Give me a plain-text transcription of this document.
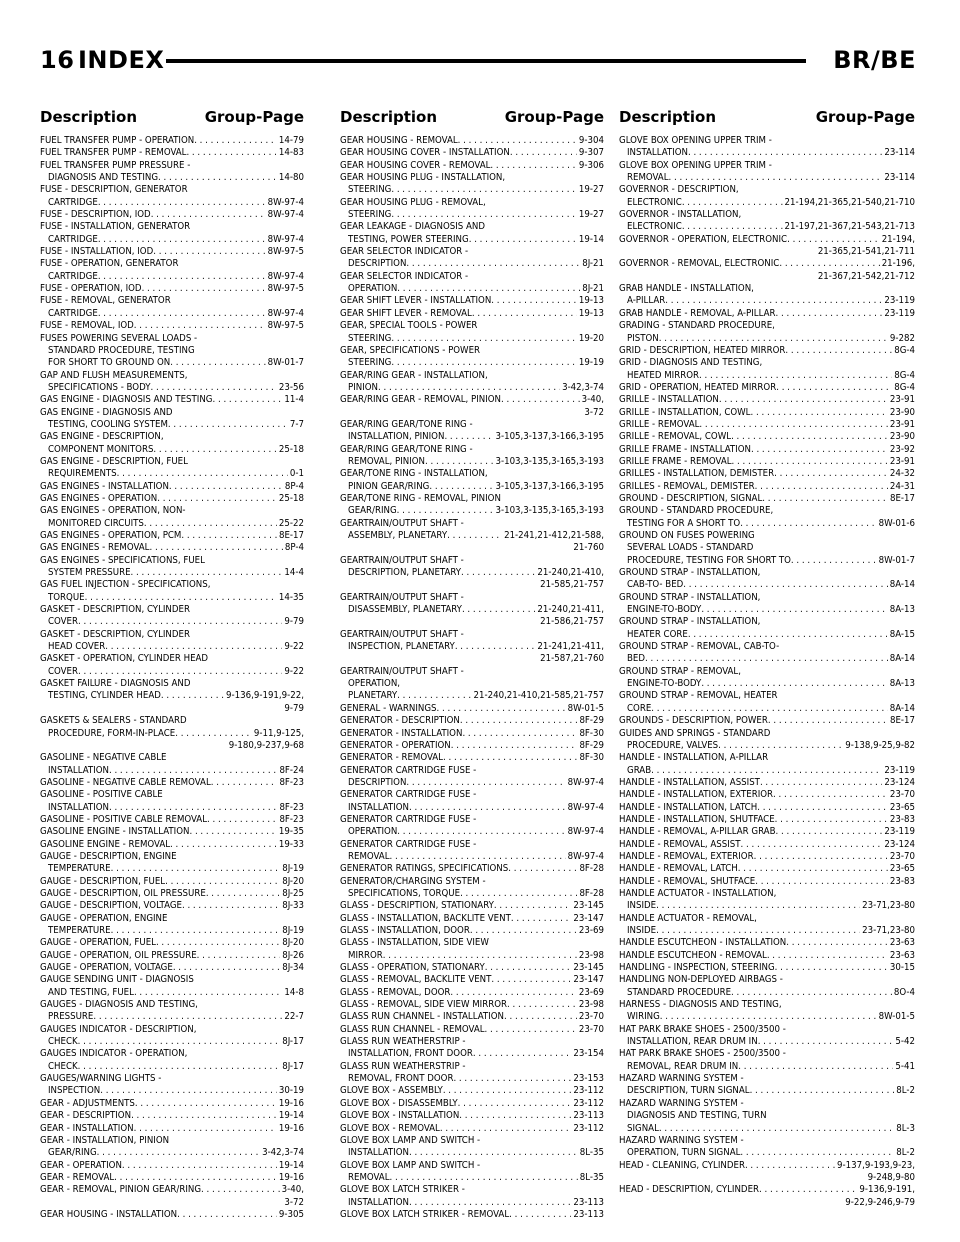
16 INDEX	BR/BE
Description	Group-Page
FUEL TRANSFER PUMP - OPERATION . . .	14-79
FUEL TRANSFER PUMP - REMOVAL . . .	14-83
FUEL TRANSFER PUMP PRESSURE -
DIAGNOSIS AND TESTING . . .	14-80
FUSE - DESCRIPTION, GENERATOR
CARTRIDGE . . .	8W-97-4
FUSE - DESCRIPTION, IOD . . .	8W-97-4
FUSE - INSTALLATION, GENERATOR
CARTRIDGE . . .	8W-97-4
FUSE - INSTALLATION, IOD . . .	8W-97-5
FUSE - OPERATION, GENERATOR
CARTRIDGE . . .	8W-97-4
FUSE - OPERATION, IOD . . .	8W-97-5
FUSE - REMOVAL, GENERATOR
CARTRIDGE . . .	8W-97-4
FUSE - REMOVAL, IOD . . .	8W-97-5
FUSES POWERING SEVERAL LOADS -
STANDARD PROCEDURE, TESTING
FOR SHORT TO GROUND ON . . .	8W-01-7
GAP AND FLUSH MEASUREMENTS,
SPECIFICATIONS - BODY . . .	23-56
GAS ENGINE - DIAGNOSIS AND TESTING . . .	11-4
GAS ENGINE - DIAGNOSIS AND
TESTING, COOLING SYSTEM . . .	7-7
GAS ENGINE - DESCRIPTION,
COMPONENT MONITORS . . .	25-18
GAS ENGINE - DESCRIPTION, FUEL
REQUIREMENTS . . .	0-1
GAS ENGINES - INSTALLATION . . .	8P-4
GAS ENGINES - OPERATION . . .	25-18
GAS ENGINES - OPERATION, NON-
MONITORED CIRCUITS . . .	25-22
GAS ENGINES - OPERATION, PCM . . .	8E-17
GAS ENGINES - REMOVAL . . .	8P-4
GAS ENGINES - SPECIFICATIONS, FUEL
SYSTEM PRESSURE . . .	14-4
GAS FUEL INJECTION - SPECIFICATIONS,
TORQUE . . .	14-35
GASKET - DESCRIPTION, CYLINDER
COVER . . .	9-79
GASKET - DESCRIPTION, CYLINDER
HEAD COVER . . .	9-22
GASKET - OPERATION, CYLINDER HEAD
COVER . . .	9-22
GASKET FAILURE - DIAGNOSIS AND
TESTING, CYLINDER HEAD . . .	9-136,9-191,9-22,
9-79
GASKETS & SEALERS - STANDARD
PROCEDURE, FORM-IN-PLACE . . .	9-11,9-125,
9-180,9-237,9-68
GASOLINE - NEGATIVE CABLE
INSTALLATION . . .	8F-24
GASOLINE - NEGATIVE CABLE REMOVAL . . .	8F-23
GASOLINE - POSITIVE CABLE
INSTALLATION . . .	8F-23
GASOLINE - POSITIVE CABLE REMOVAL . . .	8F-23
GASOLINE ENGINE - INSTALLATION . . .	19-35
GASOLINE ENGINE - REMOVAL . . .	19-33
GAUGE - DESCRIPTION, ENGINE
TEMPERATURE . . .	8J-19
GAUGE - DESCRIPTION, FUEL . . .	8J-20
GAUGE - DESCRIPTION, OIL PRESSURE . . .	8J-25
GAUGE - DESCRIPTION, VOLTAGE . . .	8J-33
GAUGE - OPERATION, ENGINE
TEMPERATURE . . .	8J-19
GAUGE - OPERATION, FUEL . . .	8J-20
GAUGE - OPERATION, OIL PRESSURE . . .	8J-26
GAUGE - OPERATION, VOLTAGE . . .	8J-34
GAUGE SENDING UNIT - DIAGNOSIS
AND TESTING, FUEL . . .	14-8
GAUGES - DIAGNOSIS AND TESTING,
PRESSURE . . .	22-7
GAUGES INDICATOR - DESCRIPTION,
CHECK . . .	8J-17
GAUGES INDICATOR - OPERATION,
CHECK . . .	8J-17
GAUGES/WARNING LIGHTS -
INSPECTION . . .	30-19
GEAR - ADJUSTMENTS . . .	19-16
GEAR - DESCRIPTION . . .	19-14
GEAR - INSTALLATION . . .	19-16
GEAR - INSTALLATION, PINION
GEAR/RING . . .	3-42,3-74
GEAR - OPERATION . . .	19-14
GEAR - REMOVAL . . .	19-16
GEAR - REMOVAL, PINION GEAR/RING . . .	3-40,
3-72
GEAR HOUSING - INSTALLATION . . .	9-305
Description	Group-Page
GEAR HOUSING - REMOVAL . . .	9-304
GEAR HOUSING COVER - INSTALLATION . . .	9-307
GEAR HOUSING COVER - REMOVAL . . .	9-306
GEAR HOUSING PLUG - INSTALLATION,
STEERING . . .	19-27
GEAR HOUSING PLUG - REMOVAL,
STEERING . . .	19-27
GEAR LEAKAGE - DIAGNOSIS AND
TESTING, POWER STEERING . . .	19-14
GEAR SELECTOR INDICATOR -
DESCRIPTION . . .	8J-21
GEAR SELECTOR INDICATOR -
OPERATION . . .	8J-21
GEAR SHIFT LEVER - INSTALLATION . . .	19-13
GEAR SHIFT LEVER - REMOVAL . . .	19-13
GEAR, SPECIAL TOOLS - POWER
STEERING . . .	19-20
GEAR, SPECIFICATIONS - POWER
STEERING . . .	19-19
GEAR/RING GEAR - INSTALLATION,
PINION . . .	3-42,3-74
GEAR/RING GEAR - REMOVAL, PINION . . .	3-40,
3-72
GEAR/RING GEAR/TONE RING -
INSTALLATION, PINION . . .	3-105,3-137,3-166,3-195
GEAR/RING GEAR/TONE RING -
REMOVAL, PINION . . .	3-103,3-135,3-165,3-193
GEAR/TONE RING - INSTALLATION,
PINION GEAR/RING . . .	3-105,3-137,3-166,3-195
GEAR/TONE RING - REMOVAL, PINION
GEAR/RING . . .	3-103,3-135,3-165,3-193
GEARTRAIN/OUTPUT SHAFT -
ASSEMBLY, PLANETARY . . .	21-241,21-412,21-588,
21-760
GEARTRAIN/OUTPUT SHAFT -
DESCRIPTION, PLANETARY . . .	21-240,21-410,
21-585,21-757
GEARTRAIN/OUTPUT SHAFT -
DISASSEMBLY, PLANETARY . . .	21-240,21-411,
21-586,21-757
GEARTRAIN/OUTPUT SHAFT -
INSPECTION, PLANETARY . . .	21-241,21-411,
21-587,21-760
GEARTRAIN/OUTPUT SHAFT -
OPERATION,
PLANETARY . . .	21-240,21-410,21-585,21-757
GENERAL - WARNINGS . . .	8W-01-5
GENERATOR - DESCRIPTION . . .	8F-29
GENERATOR - INSTALLATION . . .	8F-30
GENERATOR - OPERATION . . .	8F-29
GENERATOR - REMOVAL . . .	8F-30
GENERATOR CARTRIDGE FUSE -
DESCRIPTION . . .	8W-97-4
GENERATOR CARTRIDGE FUSE -
INSTALLATION . . .	8W-97-4
GENERATOR CARTRIDGE FUSE -
OPERATION . . .	8W-97-4
GENERATOR CARTRIDGE FUSE -
REMOVAL . . .	8W-97-4
GENERATOR RATINGS, SPECIFICATIONS . . .	8F-28
GENERATOR/CHARGING SYSTEM -
SPECIFICATIONS, TORQUE . . .	8F-28
GLASS - DESCRIPTION, STATIONARY . . .	23-145
GLASS - INSTALLATION, BACKLITE VENT . . .	23-147
GLASS - INSTALLATION, DOOR . . .	23-69
GLASS - INSTALLATION, SIDE VIEW
MIRROR . . .	23-98
GLASS - OPERATION, STATIONARY . . .	23-145
GLASS - REMOVAL, BACKLITE VENT . . .	23-147
GLASS - REMOVAL, DOOR . . .	23-69
GLASS - REMOVAL, SIDE VIEW MIRROR . . .	23-98
GLASS RUN CHANNEL - INSTALLATION . . .	23-70
GLASS RUN CHANNEL - REMOVAL . . .	23-70
GLASS RUN WEATHERSTRIP -
INSTALLATION, FRONT DOOR . . .	23-154
GLASS RUN WEATHERSTRIP -
REMOVAL, FRONT DOOR . . .	23-153
GLOVE BOX - ASSEMBLY . . .	23-112
GLOVE BOX - DISASSEMBLY . . .	23-112
GLOVE BOX - INSTALLATION . . .	23-113
GLOVE BOX - REMOVAL . . .	23-112
GLOVE BOX LAMP AND SWITCH -
INSTALLATION . . .	8L-35
GLOVE BOX LAMP AND SWITCH -
REMOVAL . . .	8L-35
GLOVE BOX LATCH STRIKER -
INSTALLATION . . .	23-113
GLOVE BOX LATCH STRIKER - REMOVAL . . .	23-113
Description	Group-Page
GLOVE BOX OPENING UPPER TRIM -
INSTALLATION . . .	23-114
GLOVE BOX OPENING UPPER TRIM -
REMOVAL . . .	23-114
GOVERNOR - DESCRIPTION,
ELECTRONIC . . .	21-194,21-365,21-540,21-710
GOVERNOR - INSTALLATION,
ELECTRONIC . . .	21-197,21-367,21-543,21-713
GOVERNOR - OPERATION, ELECTRONIC . . .	21-194,
21-365,21-541,21-711
GOVERNOR - REMOVAL, ELECTRONIC . . .	21-196,
21-367,21-542,21-712
GRAB HANDLE - INSTALLATION,
A-PILLAR . . .	23-119
GRAB HANDLE - REMOVAL, A-PILLAR . . .	23-119
GRADING - STANDARD PROCEDURE,
PISTON . . .	9-282
GRID - DESCRIPTION, HEATED MIRROR . . .	8G-4
GRID - DIAGNOSIS AND TESTING,
HEATED MIRROR . . .	8G-4
GRID - OPERATION, HEATED MIRROR . . .	8G-4
GRILLE - INSTALLATION . . .	23-91
GRILLE - INSTALLATION, COWL . . .	23-90
GRILLE - REMOVAL . . .	23-91
GRILLE - REMOVAL, COWL . . .	23-90
GRILLE FRAME - INSTALLATION . . .	23-92
GRILLE FRAME - REMOVAL . . .	23-91
GRILLES - INSTALLATION, DEMISTER . . .	24-32
GRILLES - REMOVAL, DEMISTER . . .	24-31
GROUND - DESCRIPTION, SIGNAL . . .	8E-17
GROUND - STANDARD PROCEDURE,
TESTING FOR A SHORT TO . . .	8W-01-6
GROUND ON FUSES POWERING
SEVERAL LOADS - STANDARD
PROCEDURE, TESTING FOR SHORT TO . . .	8W-01-7
GROUND STRAP - INSTALLATION,
CAB-TO- BED . . .	8A-14
GROUND STRAP - INSTALLATION,
ENGINE-TO-BODY . . .	8A-13
GROUND STRAP - INSTALLATION,
HEATER CORE . . .	8A-15
GROUND STRAP - REMOVAL, CAB-TO-
BED . . .	8A-14
GROUND STRAP - REMOVAL,
ENGINE-TO-BODY . . .	8A-13
GROUND STRAP - REMOVAL, HEATER
CORE . . .	8A-14
GROUNDS - DESCRIPTION, POWER . . .	8E-17
GUIDES AND SPRINGS - STANDARD
PROCEDURE, VALVES . . .	9-138,9-25,9-82
HANDLE - INSTALLATION, A-PILLAR
GRAB . . .	23-119
HANDLE - INSTALLATION, ASSIST . . .	23-124
HANDLE - INSTALLATION, EXTERIOR . . .	23-70
HANDLE - INSTALLATION, LATCH . . .	23-65
HANDLE - INSTALLATION, SHUTFACE . . .	23-83
HANDLE - REMOVAL, A-PILLAR GRAB . . .	23-119
HANDLE - REMOVAL, ASSIST . . .	23-124
HANDLE - REMOVAL, EXTERIOR . . .	23-70
HANDLE - REMOVAL, LATCH . . .	23-65
HANDLE - REMOVAL, SHUTFACE . . .	23-83
HANDLE ACTUATOR - INSTALLATION,
INSIDE . . .	23-71,23-80
HANDLE ACTUATOR - REMOVAL,
INSIDE . . .	23-71,23-80
HANDLE ESCUTCHEON - INSTALLATION . . .	23-63
HANDLE ESCUTCHEON - REMOVAL . . .	23-63
HANDLING - INSPECTION, STEERING . . .	30-15
HANDLING NON-DEPLOYED AIRBAGS -
STANDARD PROCEDURE . . .	8O-4
HARNESS - DIAGNOSIS AND TESTING,
WIRING . . .	8W-01-5
HAT PARK BRAKE SHOES - 2500/3500 -
INSTALLATION, REAR DRUM IN . . .	5-42
HAT PARK BRAKE SHOES - 2500/3500 -
REMOVAL, REAR DRUM IN . . .	5-41
HAZARD WARNING SYSTEM -
DESCRIPTION, TURN SIGNAL . . .	8L-2
HAZARD WARNING SYSTEM -
DIAGNOSIS AND TESTING, TURN
SIGNAL . . .	8L-3
HAZARD WARNING SYSTEM -
OPERATION, TURN SIGNAL . . .	8L-2
HEAD - CLEANING, CYLINDER . . .	9-137,9-193,9-23,
9-248,9-80
HEAD - DESCRIPTION, CYLINDER . . .	9-136,9-191,
9-22,9-246,9-79
